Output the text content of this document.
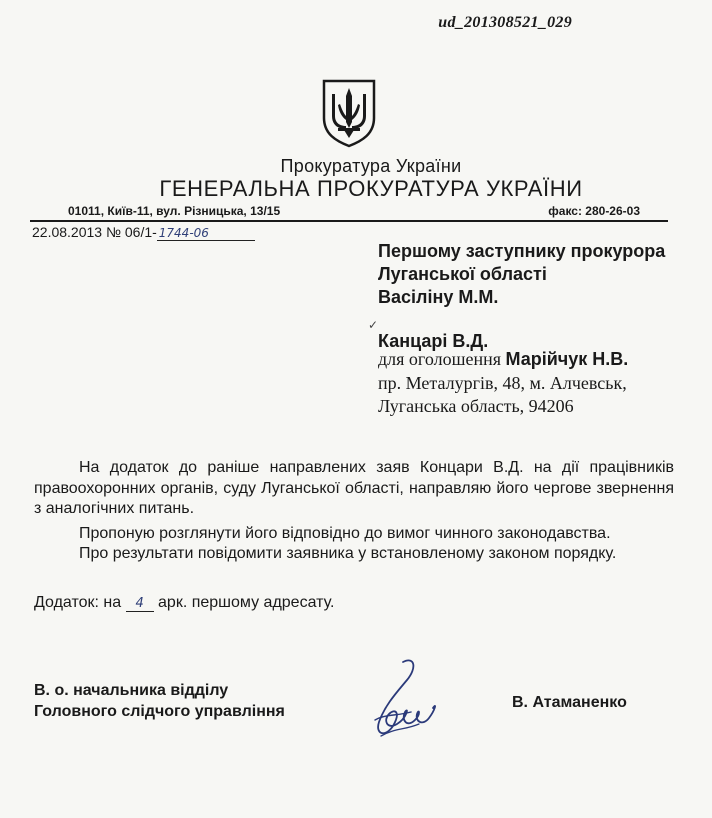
ud_201308521_029
Прокуратура України
ГЕНЕРАЛЬНА ПРОКУРАТУРА УКРАЇНИ
01011, Київ-11, вул. Різницька, 13/15	факс: 280-26-03
22.08.2013 № 06/1- 1744-06
Першому заступнику прокурора
Луганської області
Васіліну М.М.
✓
Канцарі В.Д.
для оголошення Марійчук Н.В.
пр. Металургів, 48, м. Алчевськ,
Луганська область, 94206

На додаток до раніше направлених заяв Концари В.Д. на дії працівників правоохоронних органів, суду Луганської області, направляю його чергове звернення з аналогічних питань.

Пропоную розглянути його відповідно до вимог чинного законодавства.

Про результати повідомити заявника у встановленому законом порядку.

Додаток: на 4 арк. першому адресату.
В. о. начальника відділу
Головного слідчого управління
В. Атаманенко
